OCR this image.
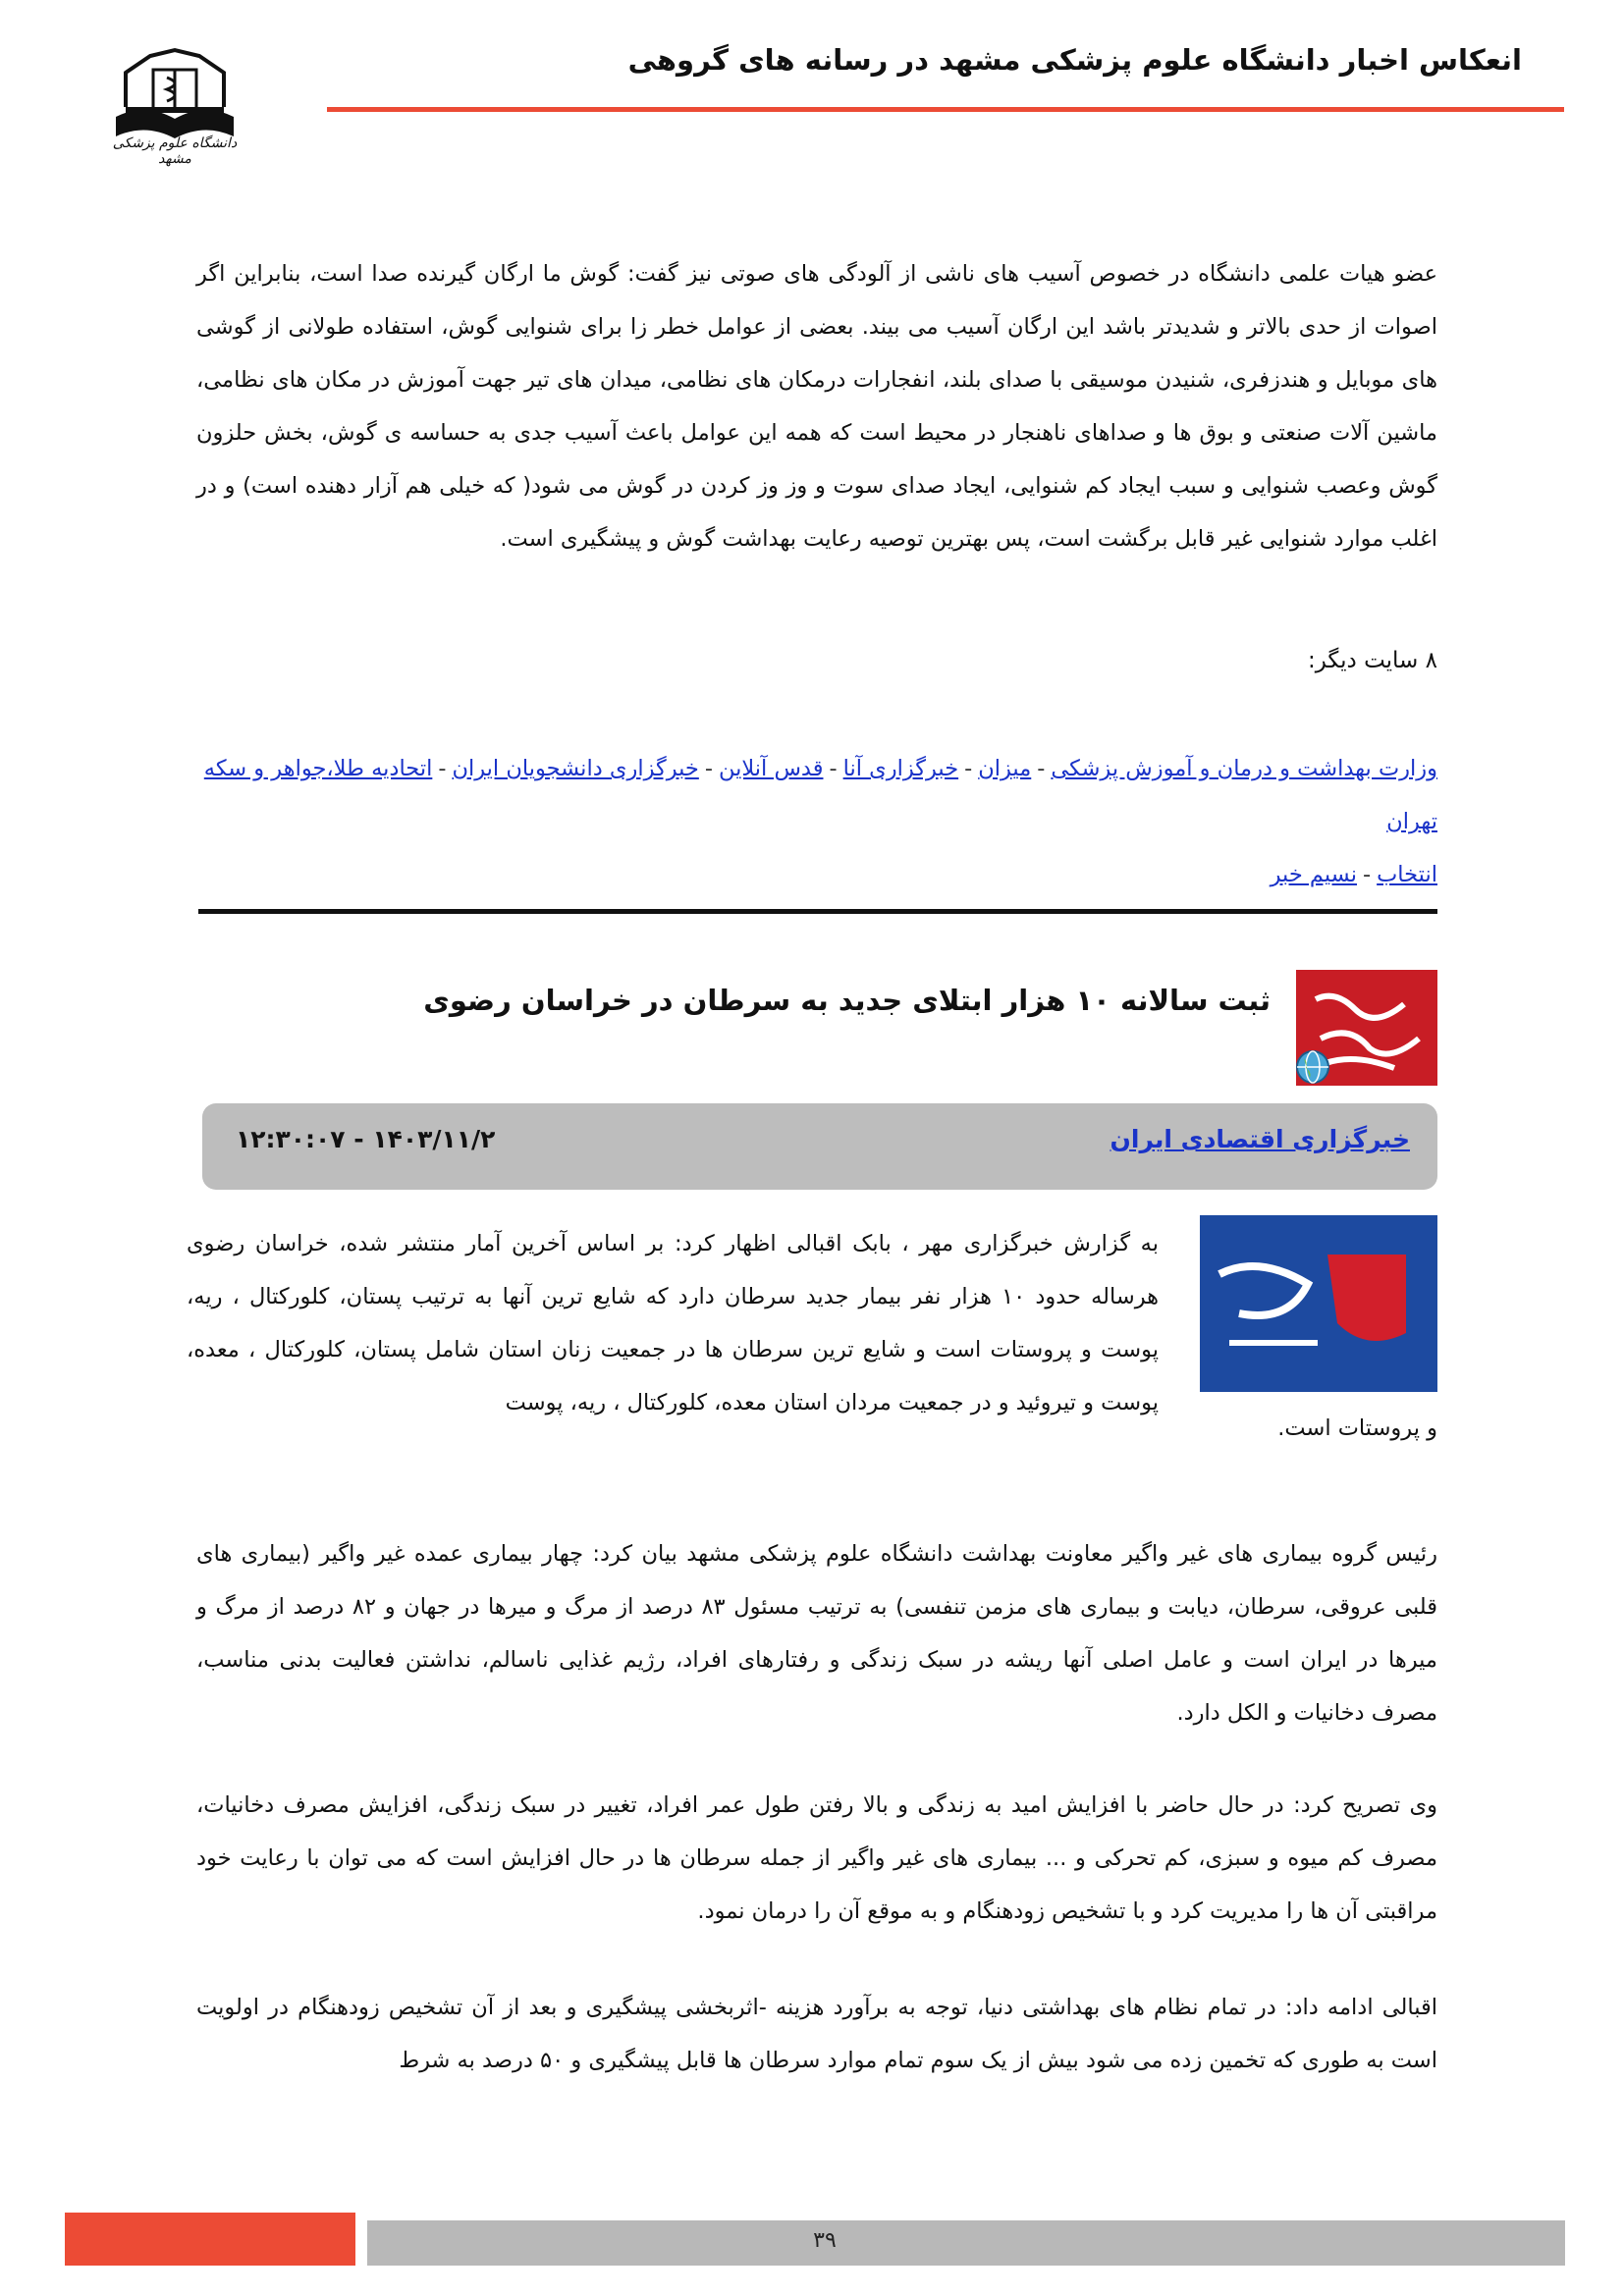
انعکاس اخبار دانشگاه علوم پزشکی مشهد در رسانه های گروهی
دانشگاه علوم پزشکی مشهد

عضو هیات علمی دانشگاه در خصوص آسیب های ناشی از آلودگی های صوتی نیز گفت: گوش ما ارگان گیرنده صدا است، بنابراین اگر اصوات از حدی بالاتر و شدیدتر باشد این ارگان آسیب می بیند. بعضی از عوامل خطر زا برای شنوایی گوش، استفاده طولانی از گوشی های موبایل و هندزفری، شنیدن موسیقی با صدای بلند، انفجارات درمکان های نظامی، میدان های تیر جهت آموزش در مکان های نظامی، ماشین آلات صنعتی و بوق ها و صداهای ناهنجار در محیط است که همه این عوامل باعث آسیب جدی به حساسه ی گوش، بخش حلزون گوش وعصب شنوایی و سبب ایجاد کم شنوایی، ایجاد صدای سوت و وز وز کردن در گوش می شود( که خیلی هم آزار دهنده است) و در اغلب موارد شنوایی غیر قابل برگشت است، پس بهترین توصیه رعایت بهداشت گوش و پیشگیری است.

۸ سایت دیگر:
وزارت بهداشت و درمان و آموزش پزشکی-میزان-خبرگزاری آنا-قدس آنلاین-خبرگزاری دانشجویان ایران-اتحادیه طلا،جواهر و سکه تهران
انتخاب-نسیم خبر
ثبت سالانه ۱۰ هزار ابتلای جدید به سرطان در خراسان رضوی
خبرگزاری اقتصادی ایران
۱۲:۳۰:۰۷ - ۱۴۰۳/۱۱/۲

به گزارش خبرگزاری مهر ، بابک اقبالی اظهار کرد: بر اساس آخرین آمار منتشر شده، خراسان رضوی هرساله حدود ۱۰ هزار نفر بیمار جدید سرطان دارد که شایع ترین آنها به ترتیب پستان، کلورکتال ، ریه، پوست و پروستات است و شایع ترین سرطان ها در جمعیت زنان استان شامل پستان، کلورکتال ، معده، پوست و تیروئید و در جمعیت مردان استان معده، کلورکتال ، ریه، پوست

و پروستات است.

رئیس گروه بیماری های غیر واگیر معاونت بهداشت دانشگاه علوم پزشکی مشهد بیان کرد: چهار بیماری عمده غیر واگیر (بیماری های قلبی عروقی، سرطان، دیابت و بیماری های مزمن تنفسی) به ترتیب مسئول ۸۳ درصد از مرگ و میرها در جهان و ۸۲ درصد از مرگ و میرها در ایران است و عامل اصلی آنها ریشه در سبک زندگی و رفتارهای افراد، رژیم غذایی ناسالم، نداشتن فعالیت بدنی مناسب، مصرف دخانیات و الکل دارد.

وی تصریح کرد: در حال حاضر با افزایش امید به زندگی و بالا رفتن طول عمر افراد، تغییر در سبک زندگی، افزایش مصرف دخانیات، مصرف کم میوه و سبزی، کم تحرکی و ... بیماری های غیر واگیر از جمله سرطان ها در حال افزایش است که می توان با رعایت خود مراقبتی آن ها را مدیریت کرد و با تشخیص زودهنگام و به موقع آن را درمان نمود.

اقبالی ادامه داد: در تمام نظام های بهداشتی دنیا، توجه به برآورد هزینه -اثربخشی پیشگیری و بعد از آن تشخیص زودهنگام در اولویت است به طوری که تخمین زده می شود بیش از یک سوم تمام موارد سرطان ها قابل پیشگیری و ۵۰ درصد به شرط

۳۹
